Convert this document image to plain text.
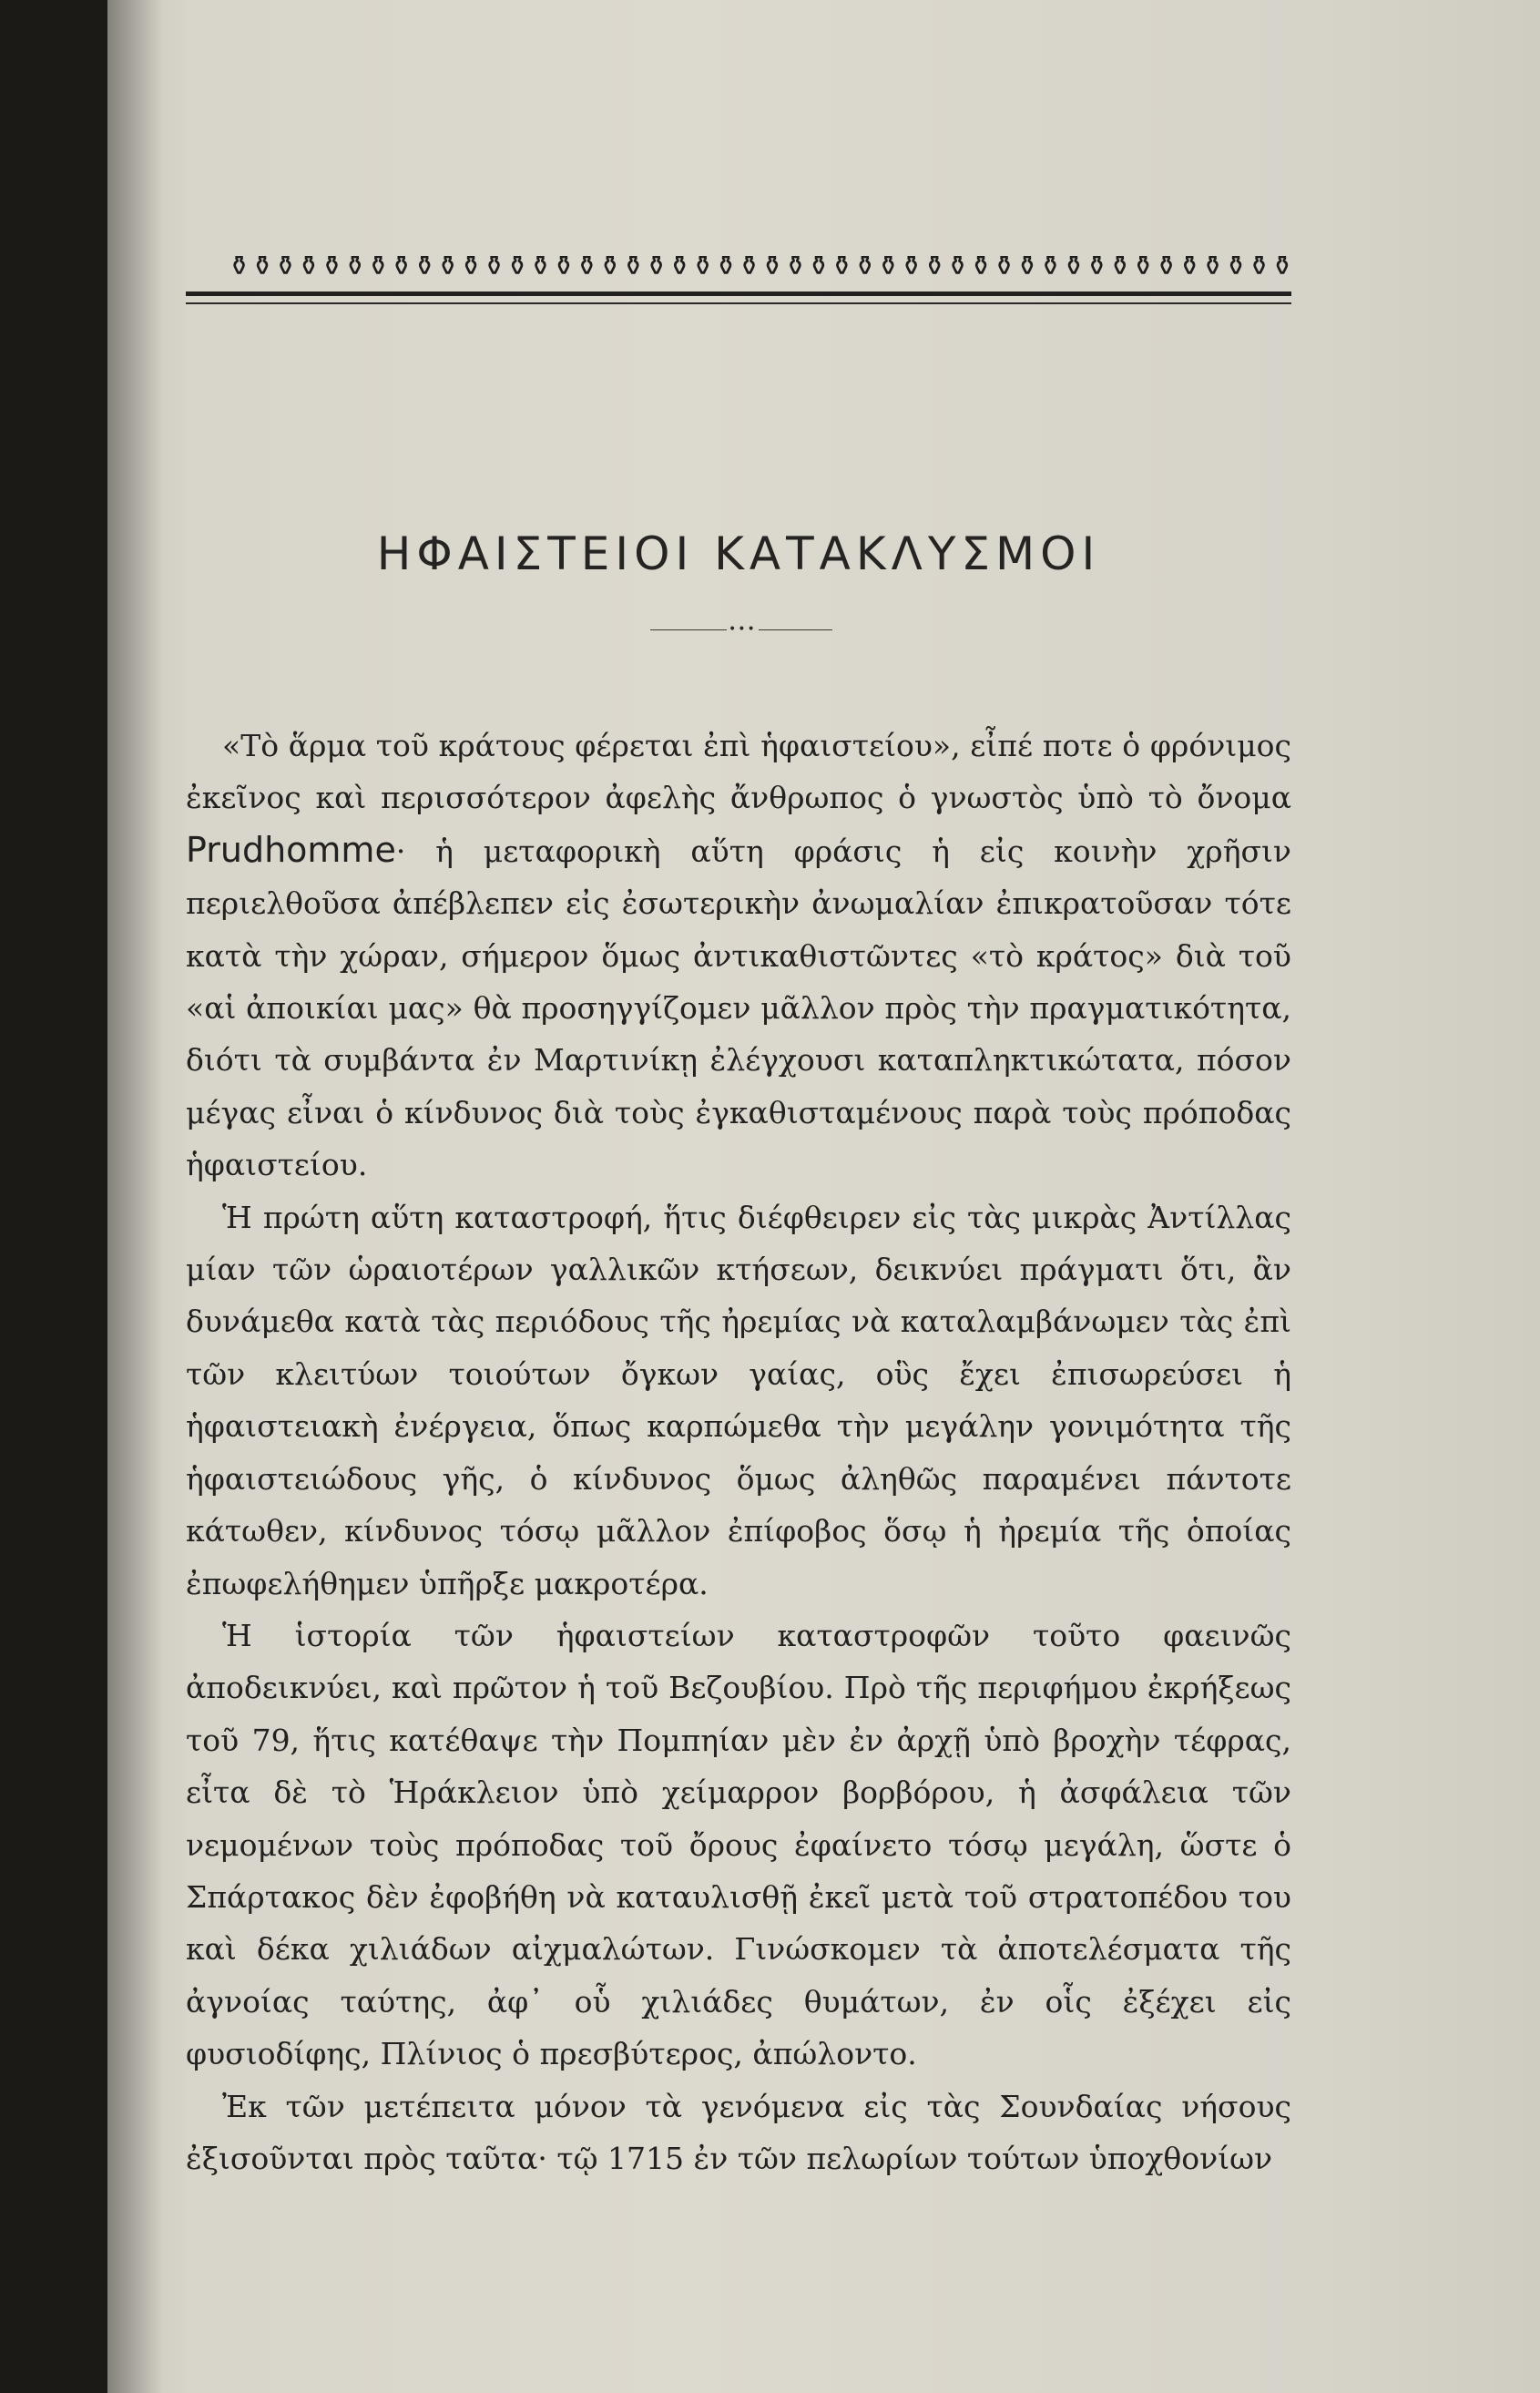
⚱ ⚱ ⚱ ⚱ ⚱ ⚱ ⚱ ⚱ ⚱ ⚱ ⚱ ⚱ ⚱ ⚱ ⚱ ⚱ ⚱ ⚱ ⚱ ⚱ ⚱ ⚱ ⚱ ⚱ ⚱ ⚱ ⚱ ⚱ ⚱ ⚱ ⚱ ⚱ ⚱ ⚱ ⚱ ⚱ ⚱ ⚱ ⚱ ⚱ ⚱ ⚱ ⚱ ⚱ ⚱ ⚱
ΗΦΑΙΣΤΕΙΟΙ ΚΑΤΑΚΛΥΣΜΟΙ
•••

«Τὸ ἅρμα τοῦ κράτους φέρεται ἐπὶ ἡφαιστείου», εἶπέ ποτε ὁ φρόνιμος ἐκεῖνος καὶ περισσότερον ἀφελὴς ἄνθρωπος ὁ γνωστὸς ὑπὸ τὸ ὄνομα Prudhomme· ἡ μεταφορικὴ αὕτη φράσις ἡ εἰς κοινὴν χρῆσιν περιελθοῦσα ἀπέβλεπεν εἰς ἐσωτερικὴν ἀνωμαλίαν ἐπικρατοῦσαν τότε κατὰ τὴν χώραν, σήμερον ὅμως ἀντικαθιστῶντες «τὸ κράτος» διὰ τοῦ «αἱ ἀποικίαι μας» θὰ προσηγγίζομεν μᾶλλον πρὸς τὴν πραγματικότητα, διότι τὰ συμβάντα ἐν Μαρτινίκῃ ἐλέγχουσι καταπληκτικώτατα, πόσον μέγας εἶναι ὁ κίνδυνος διὰ τοὺς ἐγκαθισταμένους παρὰ τοὺς πρόποδας ἡφαιστείου.

Ἡ πρώτη αὕτη καταστροφή, ἥτις διέφθειρεν εἰς τὰς μικρὰς Ἀντίλλας μίαν τῶν ὡραιοτέρων γαλλικῶν κτήσεων, δεικνύει πράγματι ὅτι, ἂν δυνάμεθα κατὰ τὰς περιόδους τῆς ἠρεμίας νὰ καταλαμβάνωμεν τὰς ἐπὶ τῶν κλειτύων τοιούτων ὄγκων γαίας, οὓς ἔχει ἐπισωρεύσει ἡ ἡφαιστειακὴ ἐνέργεια, ὅπως καρπώμεθα τὴν μεγάλην γονιμότητα τῆς ἡφαιστειώδους γῆς, ὁ κίνδυνος ὅμως ἀληθῶς παραμένει πάντοτε κάτωθεν, κίνδυνος τόσῳ μᾶλλον ἐπίφοβος ὅσῳ ἡ ἠρεμία τῆς ὁποίας ἐπωφελήθημεν ὑπῆρξε μακροτέρα.

Ἡ ἱστορία τῶν ἡφαιστείων καταστροφῶν τοῦτο φαεινῶς ἀποδεικνύει, καὶ πρῶτον ἡ τοῦ Βεζουβίου. Πρὸ τῆς περιφήμου ἐκρήξεως τοῦ 79, ἥτις κατέθαψε τὴν Πομπηίαν μὲν ἐν ἀρχῇ ὑπὸ βροχὴν τέφρας, εἶτα δὲ τὸ Ἡράκλειον ὑπὸ χείμαρρον βορβόρου, ἡ ἀσφάλεια τῶν νεμομένων τοὺς πρόποδας τοῦ ὄρους ἐφαίνετο τόσῳ μεγάλη, ὥστε ὁ Σπάρτακος δὲν ἐφοβήθη νὰ καταυλισθῇ ἐκεῖ μετὰ τοῦ στρατοπέδου του καὶ δέκα χιλιάδων αἰχμαλώτων. Γινώσκομεν τὰ ἀποτελέσματα τῆς ἀγνοίας ταύτης, ἀφ᾽ οὗ χιλιάδες θυμάτων, ἐν οἷς ἐξέχει εἰς φυσιοδίφης, Πλίνιος ὁ πρεσβύτερος, ἀπώλοντο.

Ἐκ τῶν μετέπειτα μόνον τὰ γενόμενα εἰς τὰς Σουνδαίας νήσους ἐξισοῦνται πρὸς ταῦτα· τῷ 1715 ἐν τῶν πελωρίων τούτων ὑποχθονίων
